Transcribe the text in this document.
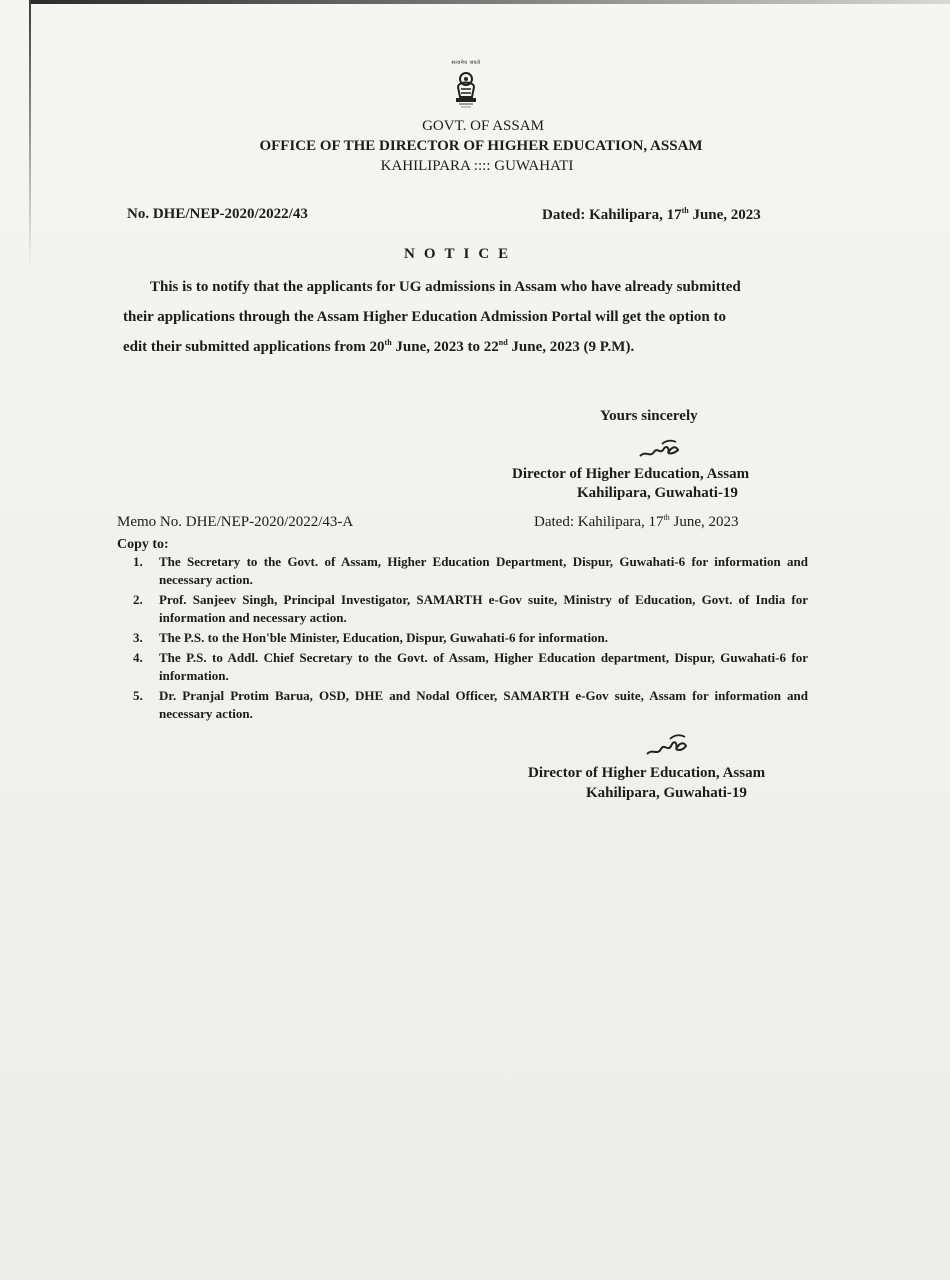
सत्यमेव जयते
GOVT. OF ASSAM
OFFICE OF THE DIRECTOR OF HIGHER EDUCATION, ASSAM
KAHILIPARA :::: GUWAHATI
No. DHE/NEP-2020/2022/43	Dated: Kahilipara, 17th June, 2023
NOTICE
This is to notify that the applicants for UG admissions in Assam who have already submitted
their applications through the Assam Higher Education Admission Portal will get the option to
edit their submitted applications from 20th June, 2023 to 22nd June, 2023 (9 P.M).
Yours sincerely
Director of Higher Education, Assam
Kahilipara, Guwahati-19
Memo No. DHE/NEP-2020/2022/43-A	Dated: Kahilipara, 17th June, 2023
Copy to:
1. The Secretary to the Govt. of Assam, Higher Education Department, Dispur, Guwahati-6 for information and necessary action.
2. Prof. Sanjeev Singh, Principal Investigator, SAMARTH e-Gov suite, Ministry of Education, Govt. of India for information and necessary action.
3. The P.S. to the Hon'ble Minister, Education, Dispur, Guwahati-6 for information.
4. The P.S. to Addl. Chief Secretary to the Govt. of Assam, Higher Education department, Dispur, Guwahati-6 for information.
5. Dr. Pranjal Protim Barua, OSD, DHE and Nodal Officer, SAMARTH e-Gov suite, Assam for information and necessary action.
Director of Higher Education, Assam
Kahilipara, Guwahati-19
